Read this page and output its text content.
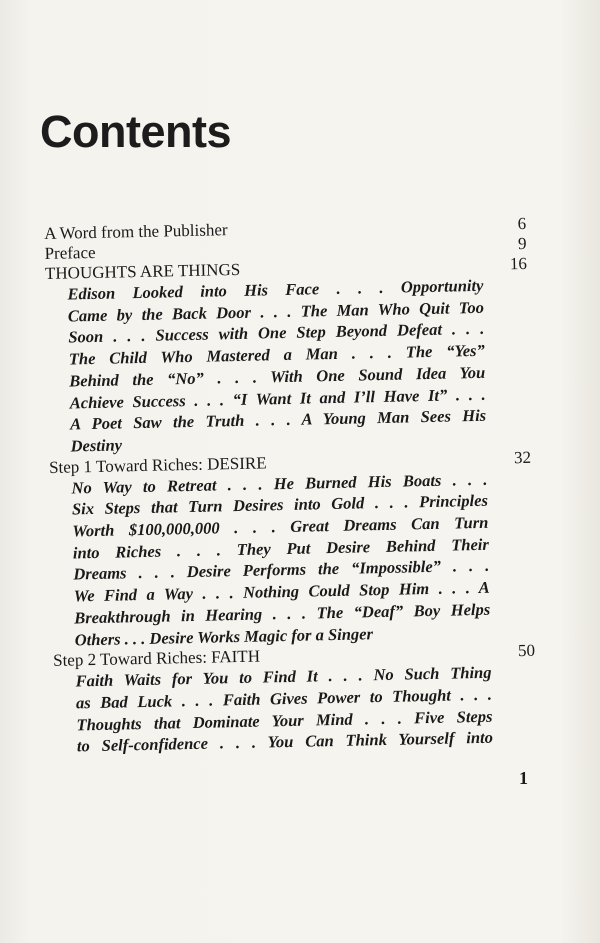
Contents
A Word from the Publisher	6
Preface	9
THOUGHTS ARE THINGS	16
Edison Looked into His Face . . . Opportunity
Came by the Back Door . . . The Man Who Quit Too
Soon . . . Success with One Step Beyond Defeat . . .
The Child Who Mastered a Man . . . The “Yes”
Behind the “No” . . . With One Sound Idea You
Achieve Success . . . “I Want It and I’ll Have It” . . .
A Poet Saw the Truth . . . A Young Man Sees His
Destiny
Step 1 Toward Riches: DESIRE	32
No Way to Retreat . . . He Burned His Boats . . .
Six Steps that Turn Desires into Gold . . . Principles
Worth $100,000,000 . . . Great Dreams Can Turn
into Riches . . . They Put Desire Behind Their
Dreams . . . Desire Performs the “Impossible” . . .
We Find a Way . . . Nothing Could Stop Him . . . A
Breakthrough in Hearing . . . The “Deaf” Boy Helps
Others . . . Desire Works Magic for a Singer
Step 2 Toward Riches: FAITH	50
Faith Waits for You to Find It . . . No Such Thing
as Bad Luck . . . Faith Gives Power to Thought . . .
Thoughts that Dominate Your Mind . . . Five Steps
to Self-confidence . . . You Can Think Yourself into
1
